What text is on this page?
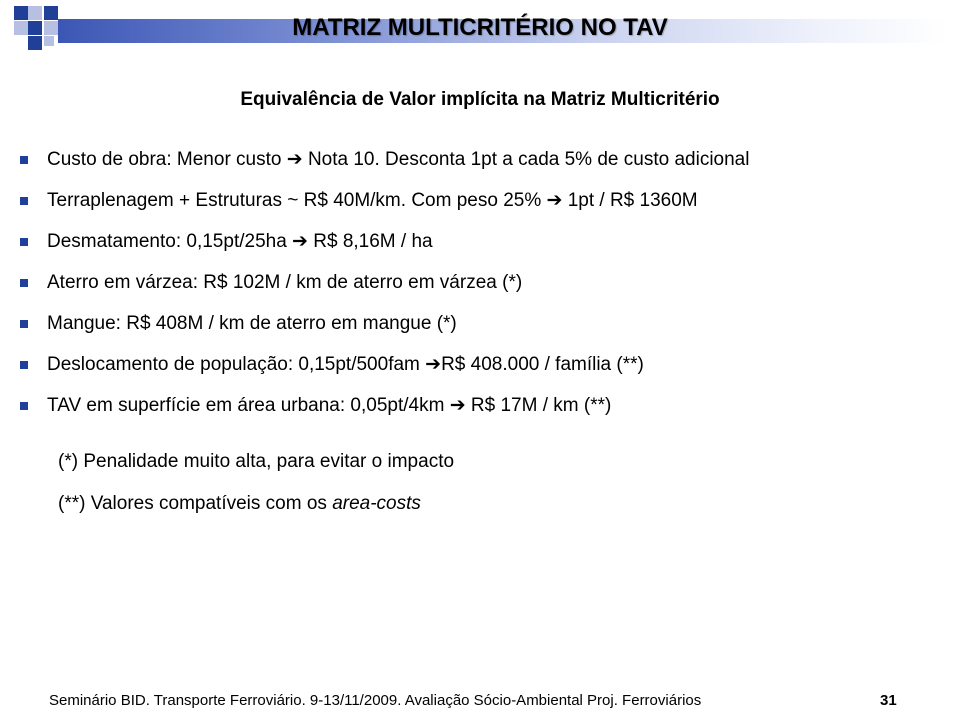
MATRIZ MULTICRITÉRIO NO TAV
Equivalência de Valor implícita na Matriz Multicritério
Custo de obra: Menor custo ➔ Nota 10. Desconta 1pt a cada 5% de custo adicional
Terraplenagem + Estruturas ~ R$ 40M/km. Com peso 25% ➔ 1pt / R$ 1360M
Desmatamento: 0,15pt/25ha ➔ R$ 8,16M / ha
Aterro em várzea: R$ 102M / km de aterro em várzea (*)
Mangue: R$ 408M / km de aterro em mangue (*)
Deslocamento de população: 0,15pt/500fam ➔R$ 408.000 / família (**)
TAV em superfície em área urbana: 0,05pt/4km ➔ R$ 17M / km (**)
(*) Penalidade muito alta, para evitar o impacto
(**) Valores compatíveis com os area-costs
Seminário BID. Transporte Ferroviário. 9-13/11/2009. Avaliação Sócio-Ambiental Proj. Ferroviários	31
